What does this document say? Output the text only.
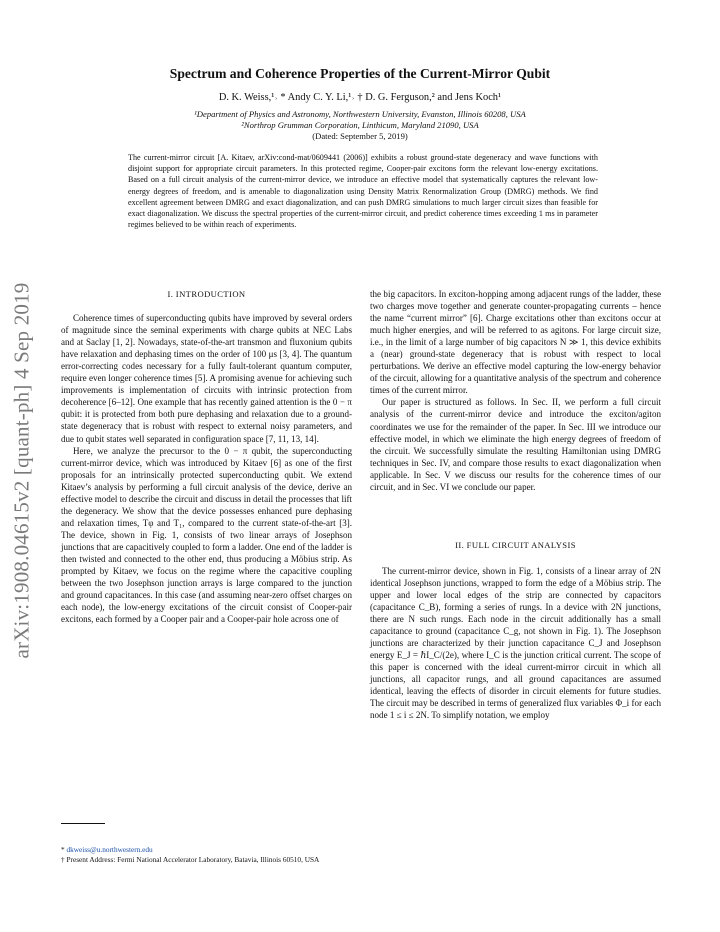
arXiv:1908.04615v2 [quant-ph] 4 Sep 2019
Spectrum and Coherence Properties of the Current-Mirror Qubit
D. K. Weiss,¹˒ * Andy C. Y. Li,¹˒ † D. G. Ferguson,² and Jens Koch¹
¹Department of Physics and Astronomy, Northwestern University, Evanston, Illinois 60208, USA
²Northrop Grumman Corporation, Linthicum, Maryland 21090, USA
(Dated: September 5, 2019)

The current-mirror circuit [A. Kitaev, arXiv:cond-mat/0609441 (2006)] exhibits a robust ground-state degeneracy and wave functions with disjoint support for appropriate circuit parameters. In this protected regime, Cooper-pair excitons form the relevant low-energy excitations. Based on a full circuit analysis of the current-mirror device, we introduce an effective model that systematically captures the relevant low-energy degrees of freedom, and is amenable to diagonalization using Density Matrix Renormalization Group (DMRG) methods. We find excellent agreement between DMRG and exact diagonalization, and can push DMRG simulations to much larger circuit sizes than feasible for exact diagonalization. We discuss the spectral properties of the current-mirror circuit, and predict coherence times exceeding 1 ms in parameter regimes believed to be within reach of experiments.

I. INTRODUCTION

Coherence times of superconducting qubits have improved by several orders of magnitude since the seminal experiments with charge qubits at NEC Labs and at Saclay [1, 2]. Nowadays, state-of-the-art transmon and fluxonium qubits have relaxation and dephasing times on the order of 100 μs [3, 4]. The quantum error-correcting codes necessary for a fully fault-tolerant quantum computer, require even longer coherence times [5]. A promising avenue for achieving such improvements is implementation of circuits with intrinsic protection from decoherence [6–12]. One example that has recently gained attention is the 0 − π qubit: it is protected from both pure dephasing and relaxation due to a ground-state degeneracy that is robust with respect to external noisy parameters, and due to qubit states well separated in configuration space [7, 11, 13, 14].

Here, we analyze the precursor to the 0 − π qubit, the superconducting current-mirror device, which was introduced by Kitaev [6] as one of the first proposals for an intrinsically protected superconducting qubit. We extend Kitaev’s analysis by performing a full circuit analysis of the device, derive an effective model to describe the circuit and discuss in detail the processes that lift the degeneracy. We show that the device possesses enhanced pure dephasing and relaxation times, Tφ and T₁, compared to the current state-of-the-art [3]. The device, shown in Fig. 1, consists of two linear arrays of Josephson junctions that are capacitively coupled to form a ladder. One end of the ladder is then twisted and connected to the other end, thus producing a Möbius strip. As prompted by Kitaev, we focus on the regime where the capacitive coupling between the two Josephson junction arrays is large compared to the junction and ground capacitances. In this case (and assuming near-zero offset charges on each node), the low-energy excitations of the circuit consist of Cooper-pair excitons, each formed by a Cooper pair and a Cooper-pair hole across one of

the big capacitors. In exciton-hopping among adjacent rungs of the ladder, these two charges move together and generate counter-propagating currents – hence the name “current mirror” [6]. Charge excitations other than excitons occur at much higher energies, and will be referred to as agitons. For large circuit size, i.e., in the limit of a large number of big capacitors N ≫ 1, this device exhibits a (near) ground-state degeneracy that is robust with respect to local perturbations. We derive an effective model capturing the low-energy behavior of the circuit, allowing for a quantitative analysis of the spectrum and coherence times of the current mirror.

Our paper is structured as follows. In Sec. II, we perform a full circuit analysis of the current-mirror device and introduce the exciton/agiton coordinates we use for the remainder of the paper. In Sec. III we introduce our effective model, in which we eliminate the high energy degrees of freedom of the circuit. We successfully simulate the resulting Hamiltonian using DMRG techniques in Sec. IV, and compare those results to exact diagonalization when applicable. In Sec. V we discuss our results for the coherence times of our circuit, and in Sec. VI we conclude our paper.

II. FULL CIRCUIT ANALYSIS

The current-mirror device, shown in Fig. 1, consists of a linear array of 2N identical Josephson junctions, wrapped to form the edge of a Möbius strip. The upper and lower local edges of the strip are connected by capacitors (capacitance C_B), forming a series of rungs. In a device with 2N junctions, there are N such rungs. Each node in the circuit additionally has a small capacitance to ground (capacitance C_g, not shown in Fig. 1). The Josephson junctions are characterized by their junction capacitance C_J and Josephson energy E_J = ℏI_C/(2e), where I_C is the junction critical current. The scope of this paper is concerned with the ideal current-mirror circuit in which all junctions, all capacitor rungs, and all ground capacitances are assumed identical, leaving the effects of disorder in circuit elements for future studies. The circuit may be described in terms of generalized flux variables Φ_i for each node 1 ≤ i ≤ 2N. To simplify notation, we employ

* dkweiss@u.northwestern.edu
† Present Address: Fermi National Accelerator Laboratory, Batavia, Illinois 60510, USA
